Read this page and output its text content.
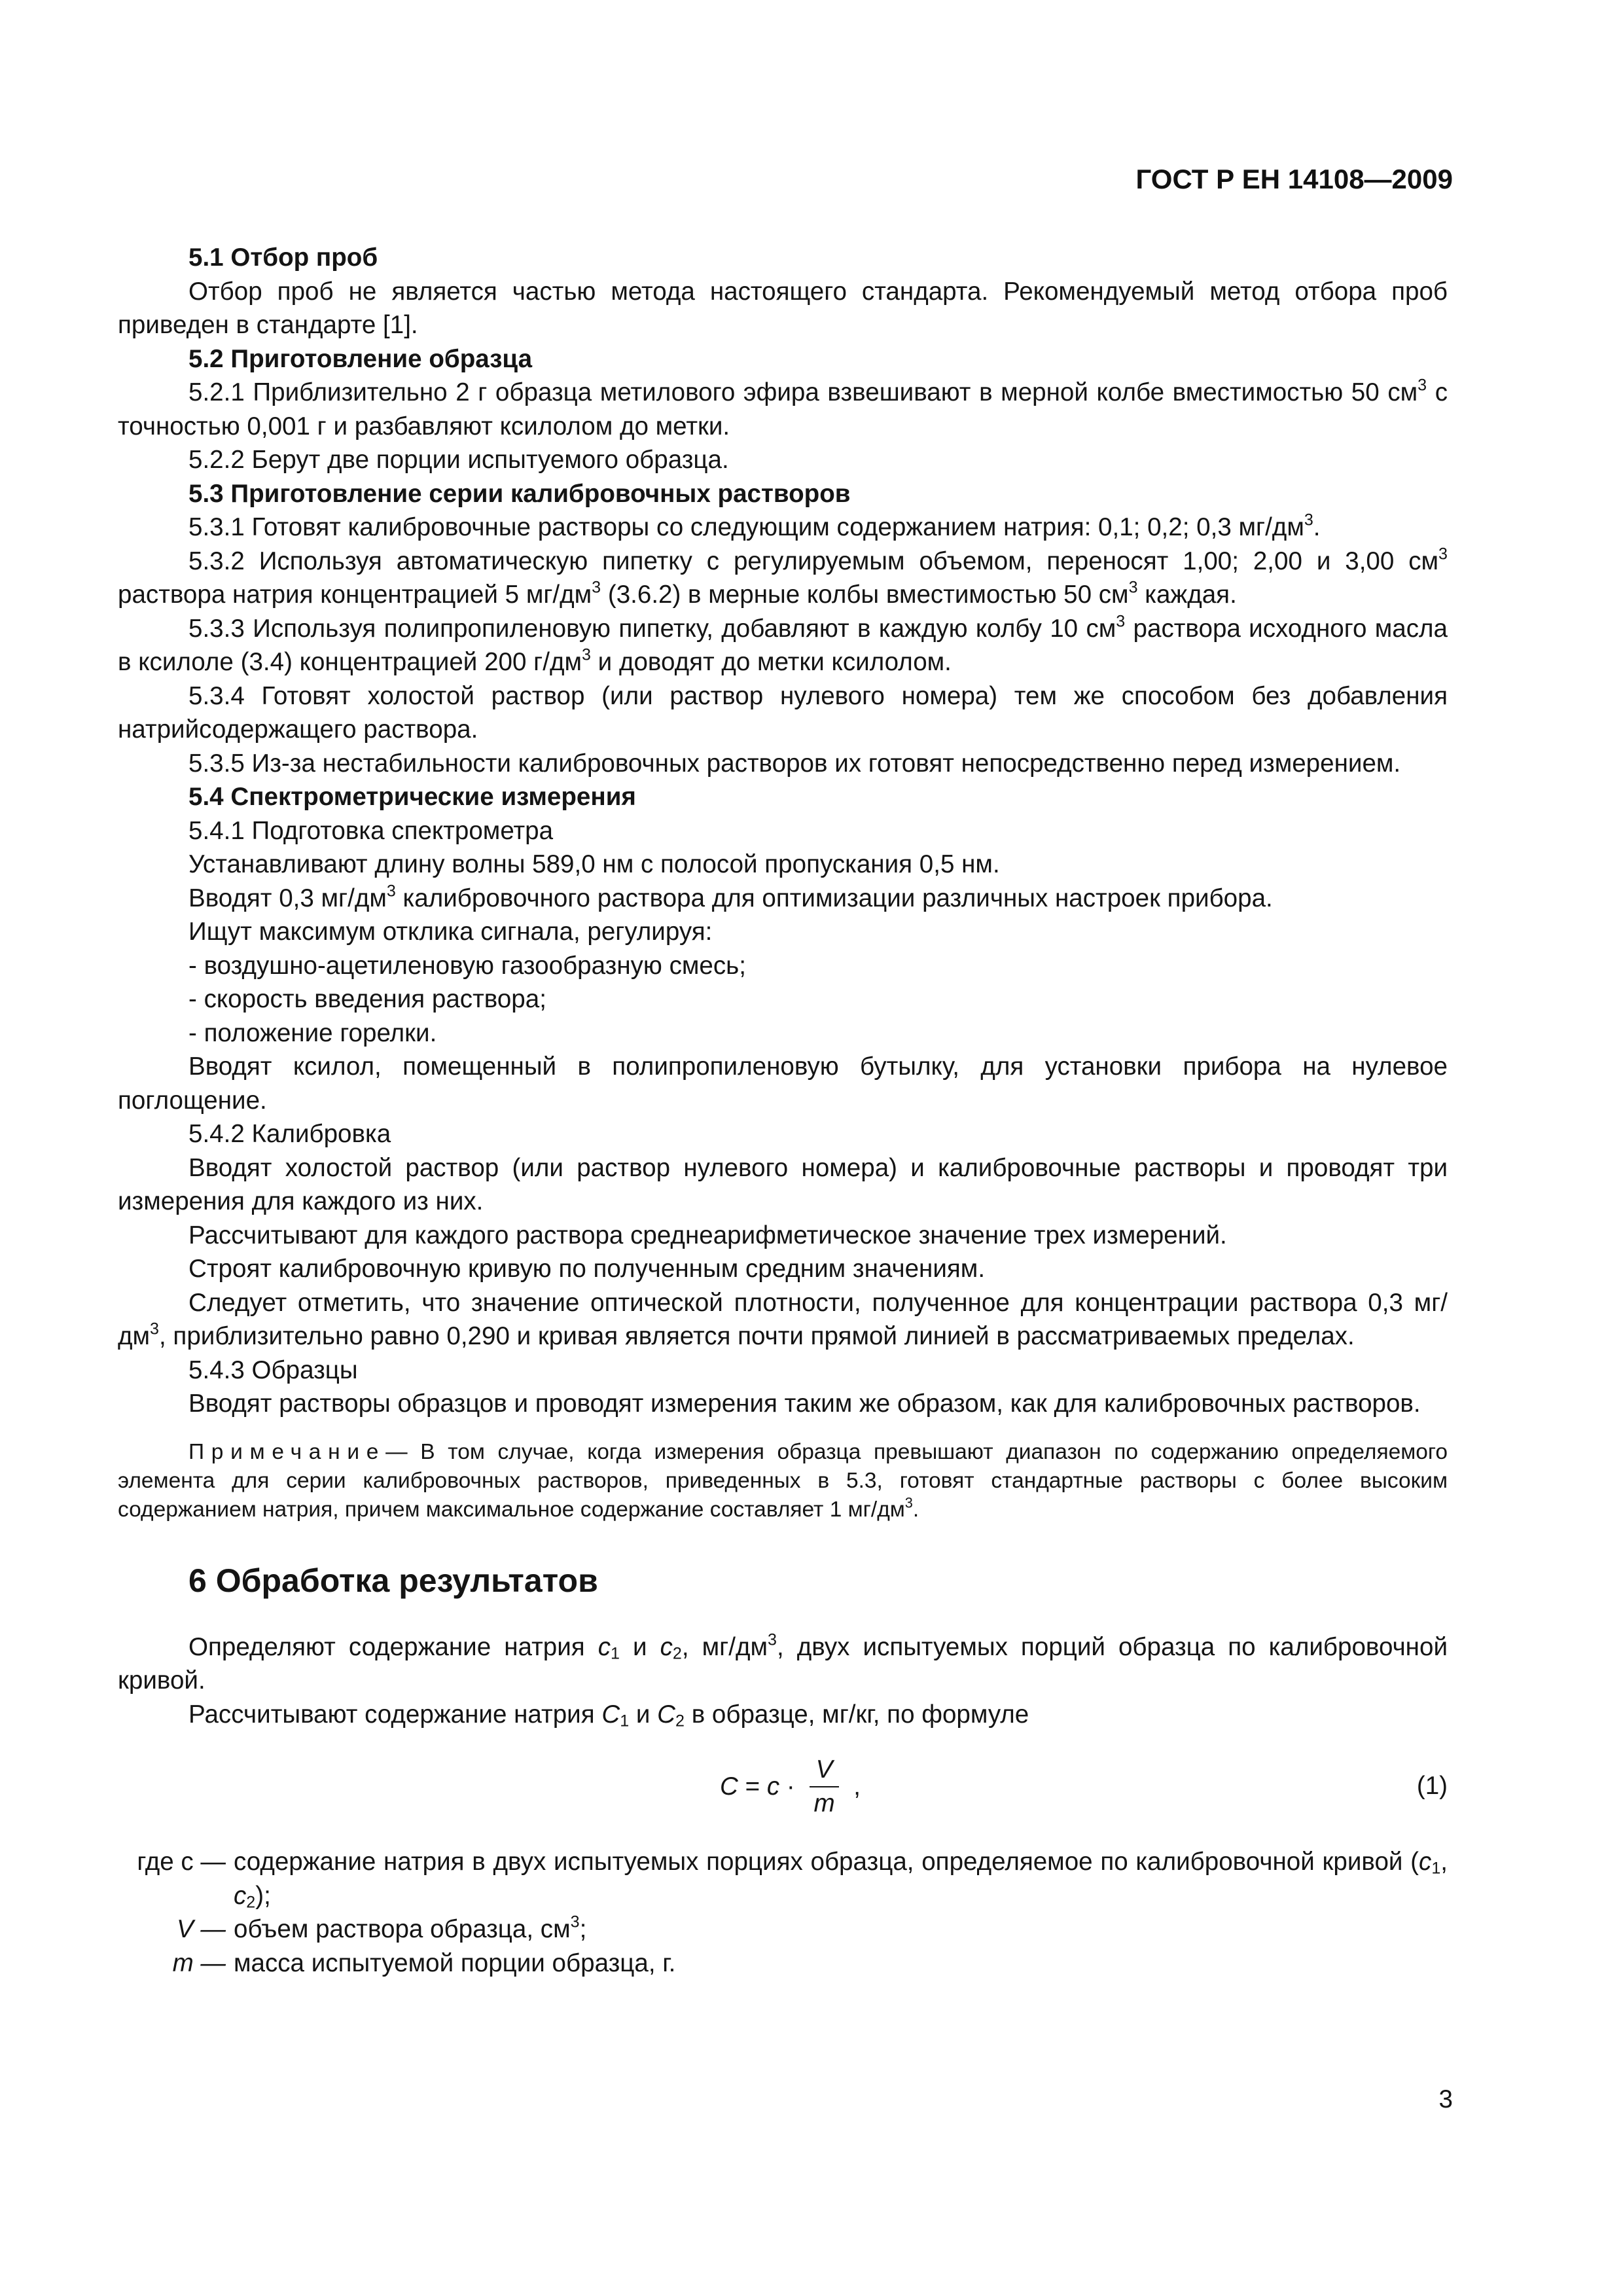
ГОСТ Р ЕН 14108—2009

5.1 Отбор проб

Отбор проб не является частью метода настоящего стандарта. Рекомендуемый метод отбора проб приведен в стандарте [1].

5.2 Приготовление образца

5.2.1 Приблизительно 2 г образца метилового эфира взвешивают в мерной колбе вместимостью 50 $см^3$ с точностью 0,001 г и разбавляют ксилолом до метки.

5.2.2 Берут две порции испытуемого образца.

5.3 Приготовление серии калибровочных растворов

5.3.1 Готовят калибровочные растворы со следующим содержанием натрия: 0,1; 0,2; 0,3 $мг/дм^3$.

5.3.2 Используя автоматическую пипетку с регулируемым объемом, переносят 1,00; 2,00 и 3,00 $см^3$ раствора натрия концентрацией 5 $мг/дм^3$ (3.6.2) в мерные колбы вместимостью 50 $см^3$ каждая.

5.3.3 Используя полипропиленовую пипетку, добавляют в каждую колбу 10 $см^3$ раствора исходного масла в ксилоле (3.4) концентрацией 200 $г/дм^3$ и доводят до метки ксилолом.

5.3.4 Готовят холостой раствор (или раствор нулевого номера) тем же способом без добавления натрийсодержащего раствора.

5.3.5 Из-за нестабильности калибровочных растворов их готовят непосредственно перед измерением.

5.4 Спектрометрические измерения

5.4.1 Подготовка спектрометра

Устанавливают длину волны 589,0 нм с полосой пропускания 0,5 нм.

Вводят 0,3 $мг/дм^3$ калибровочного раствора для оптимизации различных настроек прибора.

Ищут максимум отклика сигнала, регулируя:

- воздушно-ацетиленовую газообразную смесь;

- скорость введения раствора;

- положение горелки.

Вводят ксилол, помещенный в полипропиленовую бутылку, для установки прибора на нулевое поглощение.

5.4.2 Калибровка

Вводят холостой раствор (или раствор нулевого номера) и калибровочные растворы и проводят три измерения для каждого из них.

Рассчитывают для каждого раствора среднеарифметическое значение трех измерений.

Строят калибровочную кривую по полученным средним значениям.

Следует отметить, что значение оптической плотности, полученное для концентрации раствора 0,3 $мг/дм^3$, приблизительно равно 0,290 и кривая является почти прямой линией в рассматриваемых пределах.

5.4.3 Образцы

Вводят растворы образцов и проводят измерения таким же образом, как для калибровочных растворов.

Примечание— В том случае, когда измерения образца превышают диапазон по содержанию определяемого элемента для серии калибровочных растворов, приведенных в 5.3, готовят стандартные растворы с более высоким содержанием натрия, причем максимальное содержание составляет 1 $мг/дм^3$.

6 Обработка результатов

Определяют содержание натрия $c_1$ и $c_2$, $мг/дм^3$, двух испытуемых порций образца по калибровочной кривой.

Рассчитывают содержание натрия $C_1$ и $C_2$ в образце, мг/кг, по формуле

$C = c \cdot \frac{V}{m}$ ,	(1)
где c — содержание натрия в двух испытуемых порциях образца, определяемое по калибровочной кривой ($c_1$, $c_2$);
V — объем раствора образца, $см^3$;
m — масса испытуемой порции образца, г.
3
